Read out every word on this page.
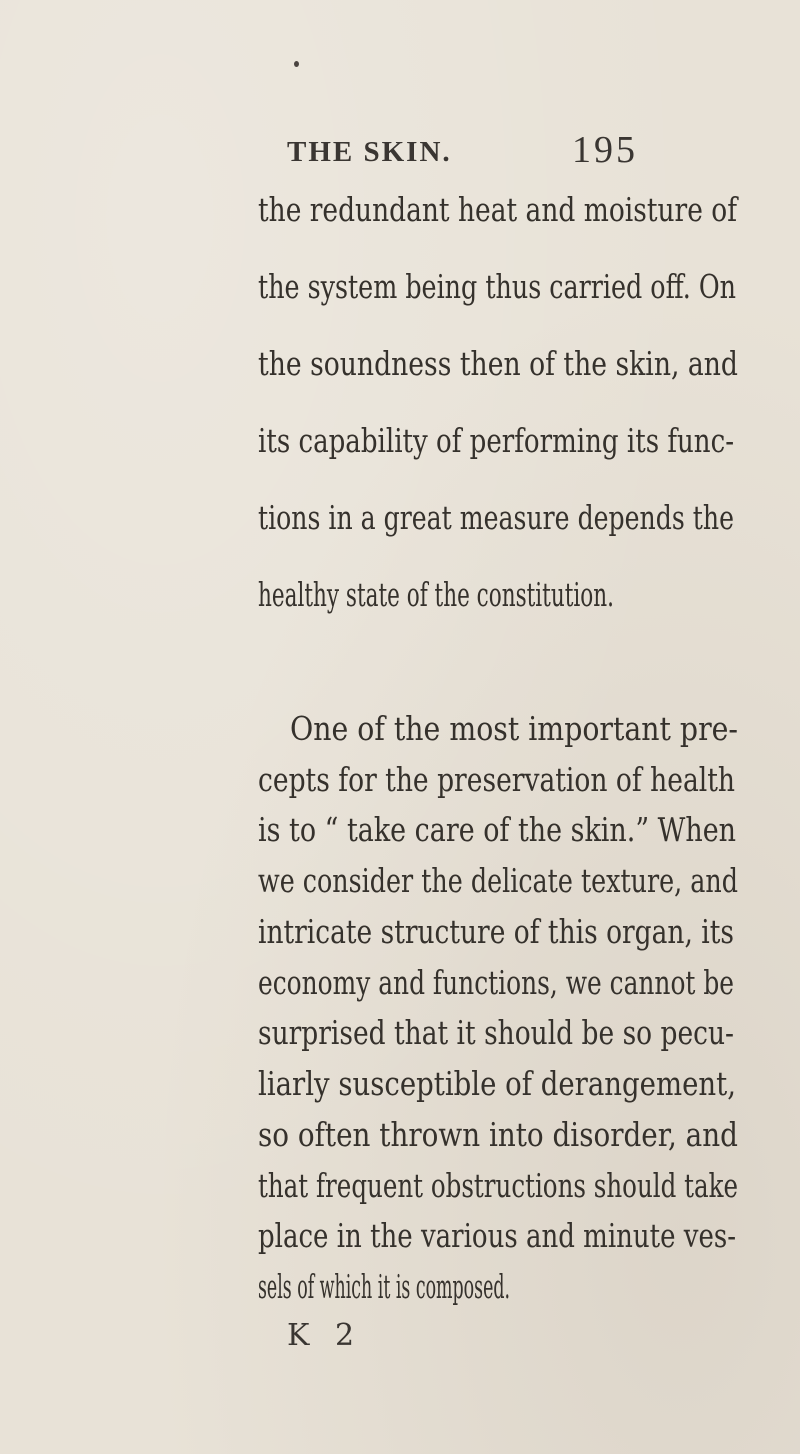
THE SKIN.	195
the redundant heat and moisture of
the system being thus carried off. On
the soundness then of the skin, and
its capability of performing its func-
tions in a great measure depends the
healthy state of the constitution.
One of the most important pre-
cepts for the preservation of health
is to “ take care of the skin.” When
we consider the delicate texture, and
intricate structure of this organ, its
economy and functions, we cannot be
surprised that it should be so pecu-
liarly susceptible of derangement,
so often thrown into disorder, and
that frequent obstructions should take
place in the various and minute ves-
sels of which it is composed.
K 2
